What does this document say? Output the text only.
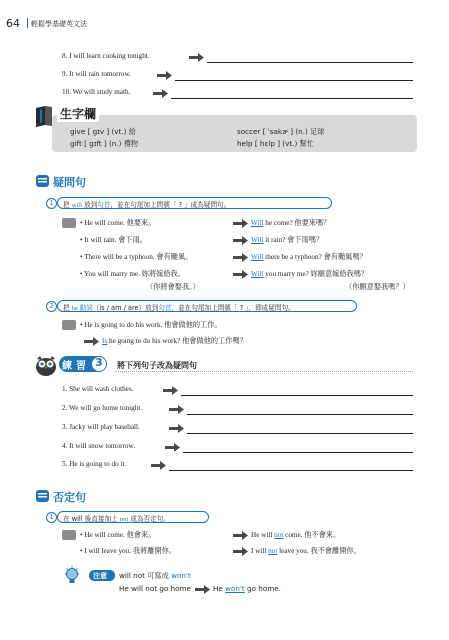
64 輕鬆學基礎英文法
8. I will learn cooking tonight.
9. It will rain tomorrow.
10. We will study math.
生字欄
give [ ɡɪv ] (vt.) 給	soccer [ ˈsakɚ ] (n.) 足球
gift [ ɡɪft ] (n.) 禮物	help [ hɛlp ] (vt.) 幫忙
疑問句
1	把 will 放到句首，並在句尾加上問號「 ? 」成為疑問句。
• He will come. 他要來。	Will he come? 他要來嗎？
• It will rain. 會下雨。	Will it rain? 會下雨嗎？
• There will be a typhoon. 會有颱風。	Will there be a typhoon? 會有颱風嗎？
• You will marry me. 妳將嫁給我。	Will you marry me? 妳願意嫁給我嗎？
（你將會娶我。）	（你願意娶我嗎？）
2	把 be 動詞（is / am / are）放到句首，並在句尾加上問號「 ? 」，即成疑問句。
• He is going to do his work. 他會做他的工作。
Is he going to do his work? 他會做他的工作嗎？
練 習 3 將下列句子改為疑問句
1. She will wash clothes.
2. We will go home tonight.
3. Jacky will play baseball.
4. It will snow tomorrow.
5. He is going to do it.
否定句
1	在 will 後直接加上 not 成為否定句。
• He will come. 他會來。	He will not come. 他不會來。
• I will leave you. 我將離開你。	I will not leave you. 我不會離開你。
注意 will not 可寫成 won't
He will not go home	He won't go home.
